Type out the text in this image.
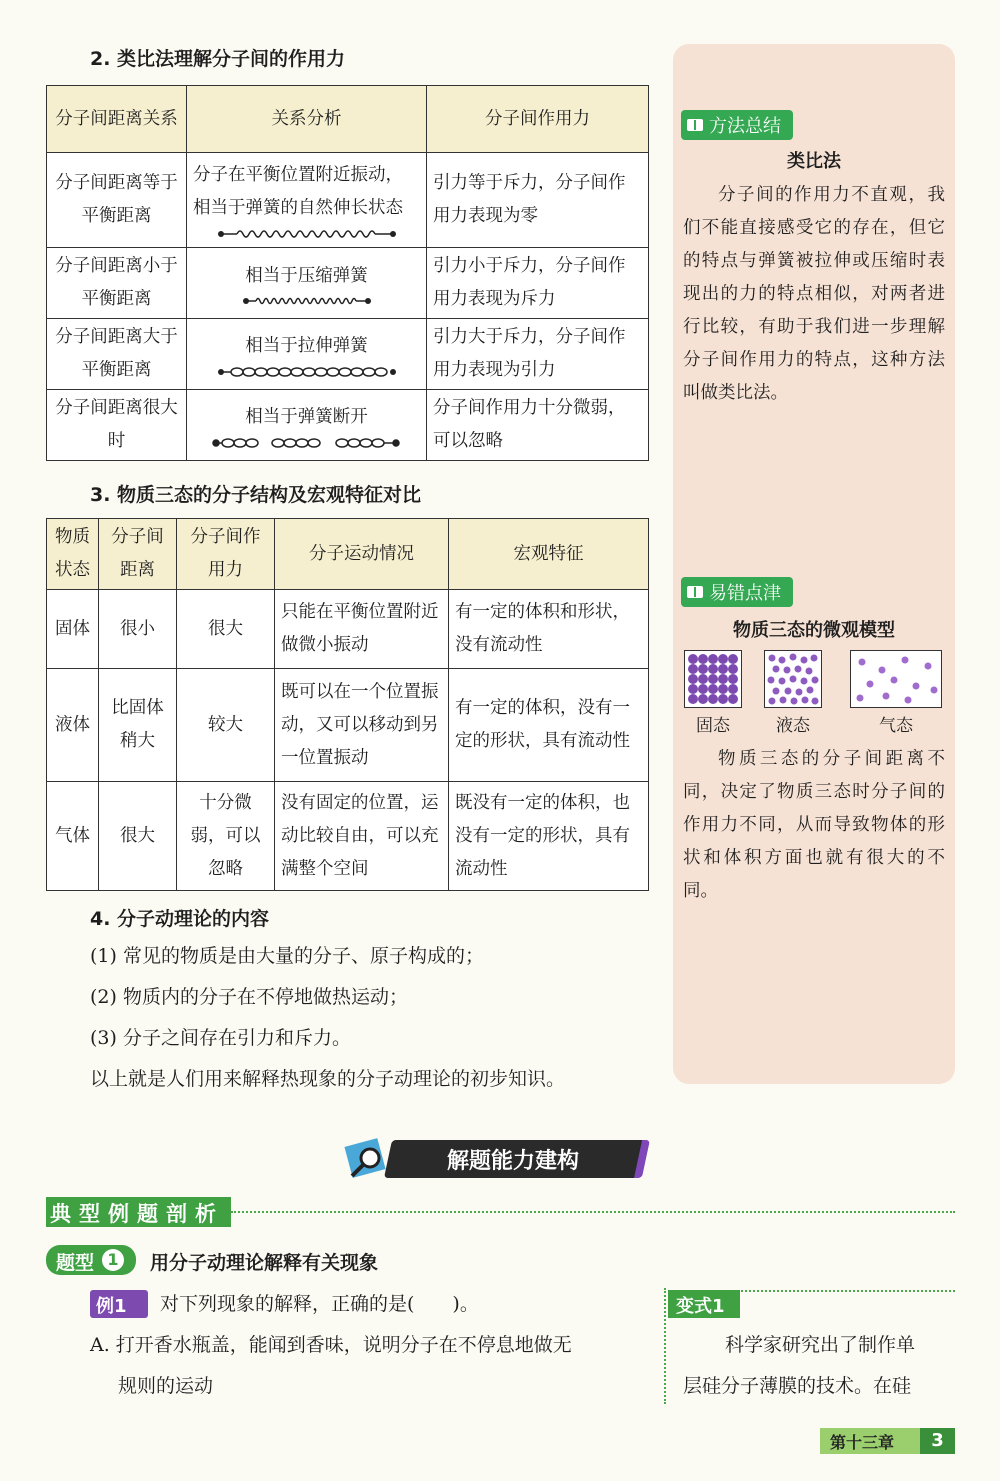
2. 类比法理解分子间的作用力
分子间距离关系	关系分析	分子间作用力
分子间距离等于平衡距离	分子在平衡位置附近振动，相当于弹簧的自然伸长状态	引力等于斥力，分子间作用力表现为零
分子间距离小于平衡距离	相当于压缩弹簧	引力小于斥力，分子间作用力表现为斥力
分子间距离大于平衡距离	相当于拉伸弹簧	引力大于斥力，分子间作用力表现为引力
分子间距离很大时	相当于弹簧断开	分子间作用力十分微弱，可以忽略
3. 物质三态的分子结构及宏观特征对比
物质状态	分子间距离	分子间作用力	分子运动情况	宏观特征
固体	很小	很大	只能在平衡位置附近做微小振动	有一定的体积和形状，没有流动性
液体	比固体稍大	较大	既可以在一个位置振动，又可以移动到另一位置振动	有一定的体积，没有一定的形状，具有流动性
气体	很大	十分微弱，可以忽略	没有固定的位置，运动比较自由，可以充满整个空间	既没有一定的体积，也没有一定的形状，具有流动性
4. 分子动理论的内容
(1) 常见的物质是由大量的分子、原子构成的；
(2) 物质内的分子在不停地做热运动；
(3) 分子之间存在引力和斥力。
以上就是人们用来解释热现象的分子动理论的初步知识。
方法总结
类比法
分子间的作用力不直观，我们不能直接感受它的存在，但它的特点与弹簧被拉伸或压缩时表现出的力的特点相似，对两者进行比较，有助于我们进一步理解分子间作用力的特点，这种方法叫做类比法。
易错点津
物质三态的微观模型
固态	液态	气态
物质三态的分子间距离不同，决定了物质三态时分子间的作用力不同，从而导致物体的形状和体积方面也就有很大的不同。
解题能力建构
典型例题剖析
题型 1 用分子动理论解释有关现象
例1 对下列现象的解释，正确的是(　　)。
A. 打开香水瓶盖，能闻到香味，说明分子在不停息地做无
规则的运动
变式1
科学家研究出了制作单
层硅分子薄膜的技术。在硅
第十三章	3
